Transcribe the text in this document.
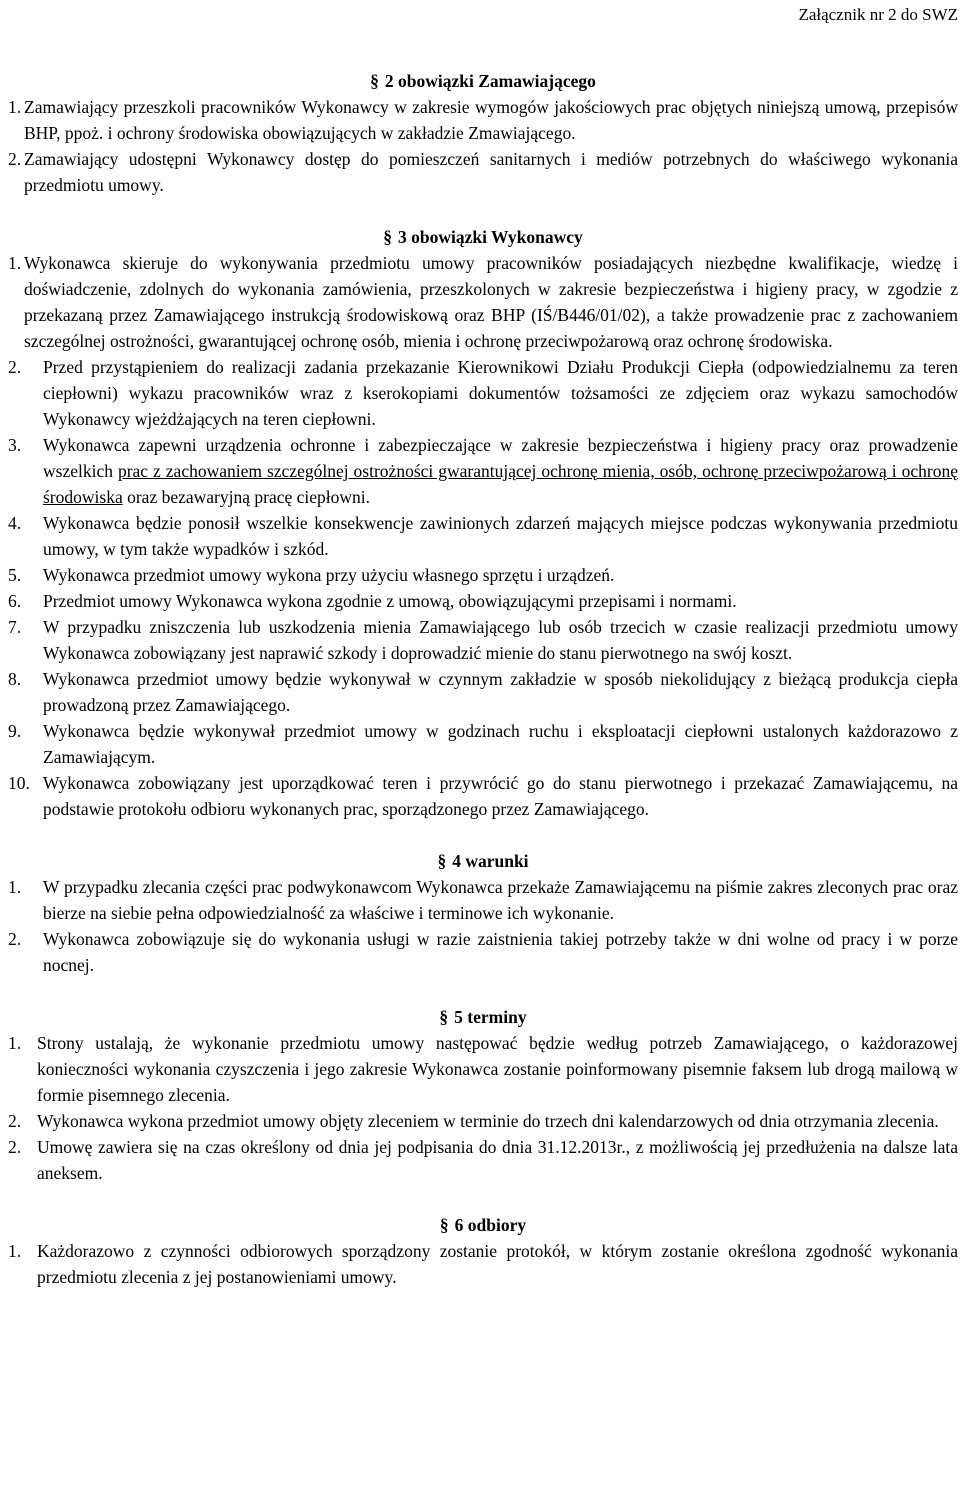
Załącznik nr 2 do SWZ
§ 2 obowiązki Zamawiającego
1. Zamawiający przeszkoli pracowników Wykonawcy w zakresie wymogów jakościowych prac objętych niniejszą umową, przepisów BHP, ppoż. i ochrony środowiska obowiązujących w zakładzie Zmawiającego.
2. Zamawiający udostępni Wykonawcy dostęp do pomieszczeń sanitarnych i mediów potrzebnych do właściwego wykonania przedmiotu umowy.
§ 3 obowiązki Wykonawcy
1. Wykonawca skieruje do wykonywania przedmiotu umowy pracowników posiadających niezbędne kwalifikacje, wiedzę i doświadczenie, zdolnych do wykonania zamówienia, przeszkolonych w zakresie bezpieczeństwa i higieny pracy, w zgodzie z przekazaną przez Zamawiającego instrukcją środowiskową oraz BHP (IŚ/B446/01/02), a także prowadzenie prac z zachowaniem szczególnej ostrożności, gwarantującej ochronę osób, mienia i ochronę przeciwpożarową oraz ochronę środowiska.
2.	Przed przystąpieniem do realizacji zadania przekazanie Kierownikowi Działu Produkcji Ciepła (odpowiedzialnemu za teren ciepłowni) wykazu pracowników wraz z kserokopiami dokumentów tożsamości ze zdjęciem oraz wykazu samochodów Wykonawcy wjeżdżających na teren ciepłowni.
3.	Wykonawca zapewni urządzenia ochronne i zabezpieczające w zakresie bezpieczeństwa i higieny pracy oraz prowadzenie wszelkich prac z zachowaniem szczególnej ostrożności gwarantującej ochronę mienia, osób, ochronę przeciwpożarową i ochronę środowiska oraz bezawaryjną pracę ciepłowni.
4.	Wykonawca będzie ponosił wszelkie konsekwencje zawinionych zdarzeń mających miejsce podczas wykonywania przedmiotu umowy, w tym także wypadków i szkód.
5.	Wykonawca przedmiot umowy wykona przy użyciu własnego sprzętu i urządzeń.
6.	Przedmiot umowy Wykonawca wykona zgodnie z umową, obowiązującymi przepisami i normami.
7.	W przypadku zniszczenia lub uszkodzenia mienia Zamawiającego lub osób trzecich w czasie realizacji przedmiotu umowy Wykonawca zobowiązany jest naprawić szkody i doprowadzić mienie do stanu pierwotnego na swój koszt.
8.	Wykonawca przedmiot umowy będzie wykonywał w czynnym zakładzie w sposób niekolidujący z bieżącą produkcja ciepła prowadzoną przez Zamawiającego.
9.	Wykonawca będzie wykonywał przedmiot umowy w godzinach ruchu i eksploatacji ciepłowni ustalonych każdorazowo z Zamawiającym.
10. Wykonawca zobowiązany jest uporządkować teren i przywrócić go do stanu pierwotnego i przekazać Zamawiającemu, na podstawie protokołu odbioru wykonanych prac, sporządzonego przez Zamawiającego.
§ 4 warunki
1.	W przypadku zlecania części prac podwykonawcom Wykonawca przekaże Zamawiającemu na piśmie zakres zleconych prac oraz bierze na siebie pełna odpowiedzialność za właściwe i terminowe ich wykonanie.
2.	Wykonawca zobowiązuje się do wykonania usługi w razie zaistnienia takiej potrzeby także w dni wolne od pracy i w porze nocnej.
§ 5 terminy
1. Strony ustalają, że wykonanie przedmiotu umowy następować będzie według potrzeb Zamawiającego, o każdorazowej konieczności wykonania czyszczenia i jego zakresie Wykonawca zostanie poinformowany pisemnie faksem lub drogą mailową w formie pisemnego zlecenia.
2. Wykonawca wykona przedmiot umowy objęty zleceniem w terminie do trzech dni kalendarzowych od dnia otrzymania zlecenia.
2. Umowę zawiera się na czas określony od dnia jej podpisania do dnia 31.12.2013r., z możliwością jej przedłużenia na dalsze lata aneksem.
§ 6 odbiory
1. Każdorazowo z czynności odbiorowych sporządzony zostanie protokół, w którym zostanie określona zgodność wykonania przedmiotu zlecenia z jej postanowieniami umowy.
